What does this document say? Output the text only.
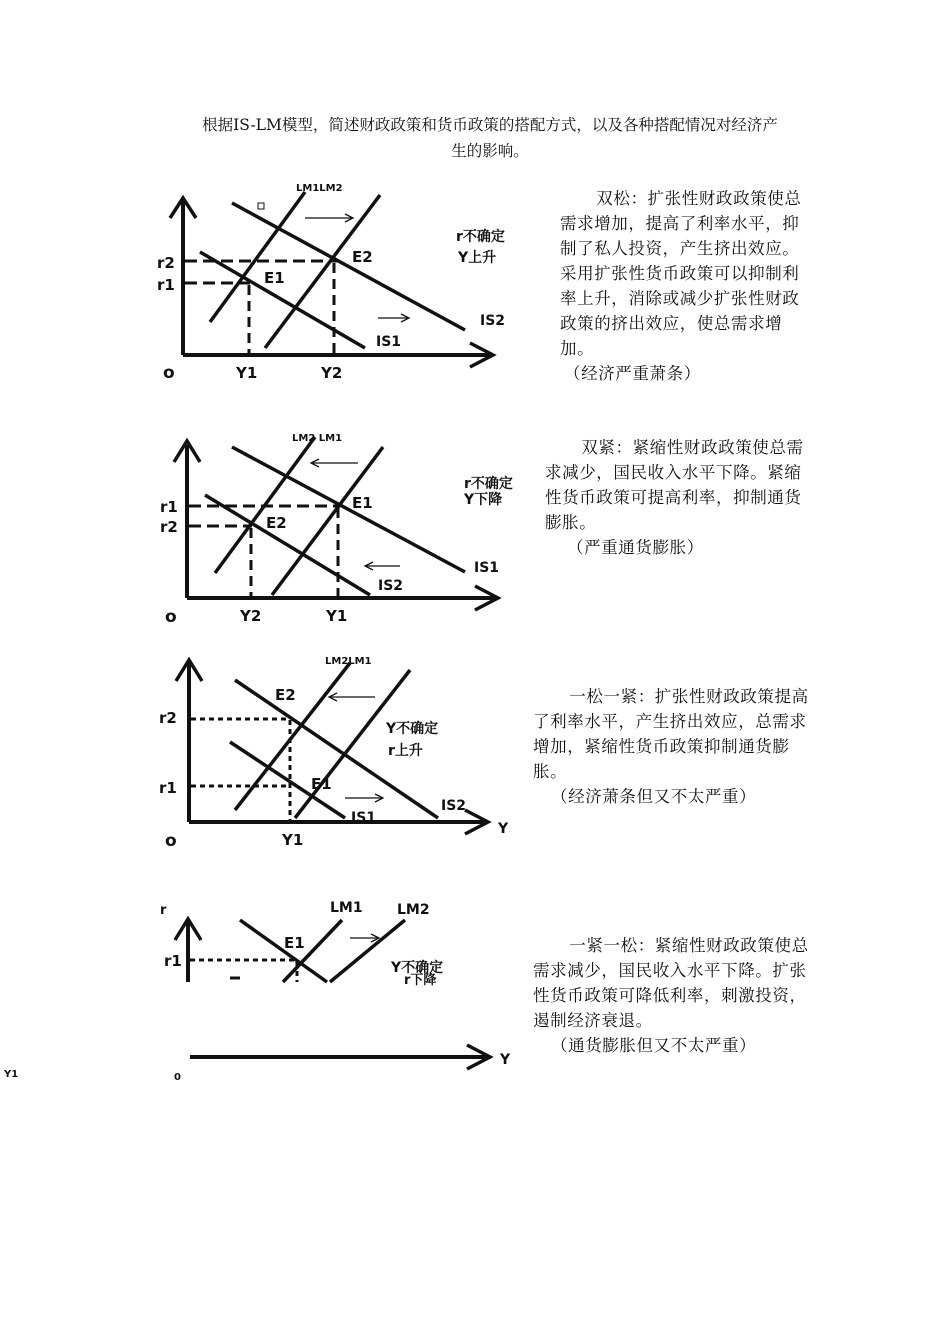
根据IS-LM模型，简述财政政策和货币政策的搭配方式，以及各种搭配情况对经济产
生的影响。
o
r2
r1
Y1	Y2
E1
E2
IS1
IS2
LM1LM2
r不确定
Y上升
双松：扩张性财政政策使总需求增加，提高了利率水平，抑制了私人投资，产生挤出效应。采用扩张性货币政策可以抑制利率上升，消除或减少扩张性财政政策的挤出效应，使总需求增加。
（经济严重萧条）
o
r1
r2
Y2	Y1
E2
E1
IS1
IS2
LM2 LM1
r不确定
Y下降
双紧：紧缩性财政政策使总需求减少，国民收入水平下降。紧缩性货币政策可提高利率，抑制通货膨胀。
（严重通货膨胀）
o
r2
r1
Y1
Y
E2
E1
IS1
IS2
LM2LM1
Y不确定
r上升
一松一紧：扩张性财政政策提高了利率水平，产生挤出效应，总需求增加，紧缩性货币政策抑制通货膨胀。
（经济萧条但又不太严重）
r
r1
E1
LM1 LM2
Y不确定
r下降
Y
0
Y1
一紧一松：紧缩性财政政策使总需求减少，国民收入水平下降。扩张性货币政策可降低利率，刺激投资，遏制经济衰退。
（通货膨胀但又不太严重）
